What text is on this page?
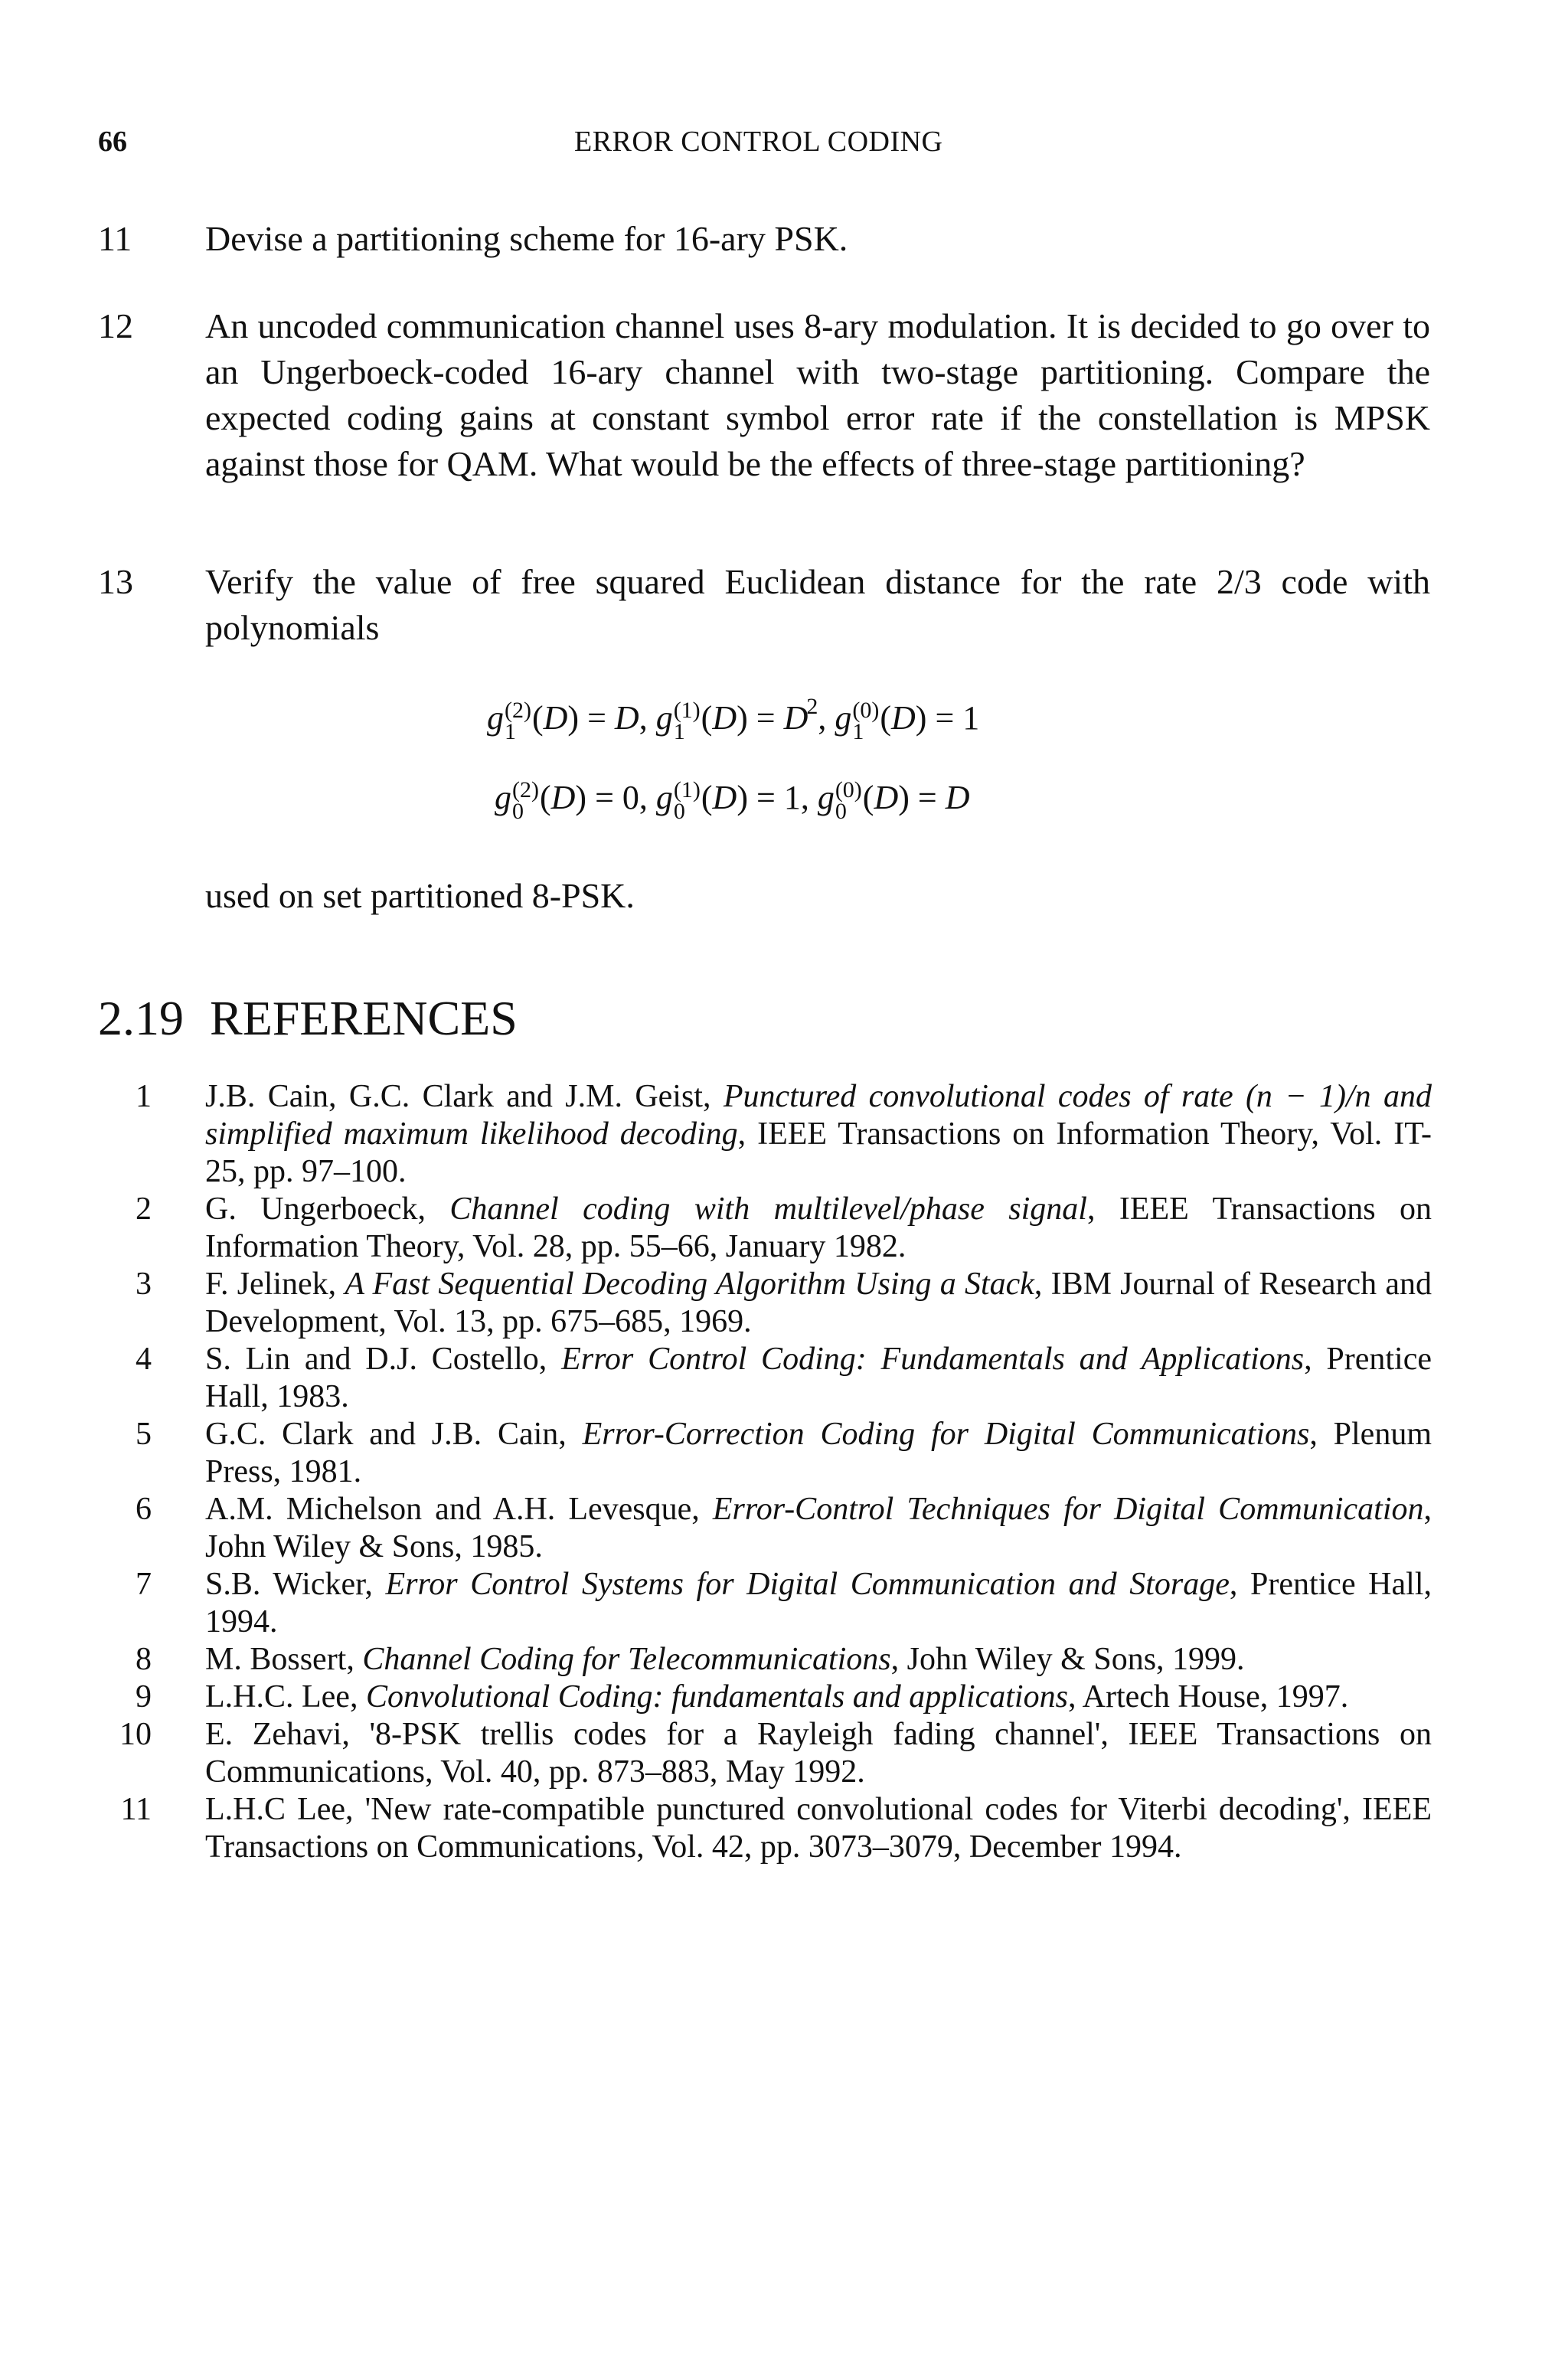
66	ERROR CONTROL CODING
11 Devise a partitioning scheme for 16-ary PSK.
12 An uncoded communication channel uses 8-ary modulation. It is decided to go over to an Ungerboeck-coded 16-ary channel with two-stage partitioning. Compare the expected coding gains at constant symbol error rate if the constellation is MPSK against those for QAM. What would be the effects of three-stage partitioning?
13 Verify the value of free squared Euclidean distance for the rate 2/3 code with polynomials
g (2)
1 (D) = D, g (1)
1 $(D) = D^2$, g (0)
1 (D) = 1
g (2)
0 (D) = 0, g (1)
0 (D) = 1, g (0)
0 (D) = D
used on set partitioned 8-PSK.
2.19 REFERENCES
1 J.B. Cain, G.C. Clark and J.M. Geist, Punctured convolutional codes of rate (n − 1)/n and simplified maximum likelihood decoding, IEEE Transactions on Information Theory, Vol. IT-25, pp. 97–100.
2 G. Ungerboeck, Channel coding with multilevel/phase signal, IEEE Transactions on Information Theory, Vol. 28, pp. 55–66, January 1982.
3 F. Jelinek, A Fast Sequential Decoding Algorithm Using a Stack, IBM Journal of Research and Development, Vol. 13, pp. 675–685, 1969.
4 S. Lin and D.J. Costello, Error Control Coding: Fundamentals and Applications, Prentice Hall, 1983.
5 G.C. Clark and J.B. Cain, Error-Correction Coding for Digital Communications, Plenum Press, 1981.
6 A.M. Michelson and A.H. Levesque, Error-Control Techniques for Digital Communication, John Wiley & Sons, 1985.
7 S.B. Wicker, Error Control Systems for Digital Communication and Storage, Prentice Hall, 1994.
8 M. Bossert, Channel Coding for Telecommunications, John Wiley & Sons, 1999.
9 L.H.C. Lee, Convolutional Coding: fundamentals and applications, Artech House, 1997.
10 E. Zehavi, '8-PSK trellis codes for a Rayleigh fading channel', IEEE Transactions on Communications, Vol. 40, pp. 873–883, May 1992.
11 L.H.C Lee, 'New rate-compatible punctured convolutional codes for Viterbi decoding', IEEE Transactions on Communications, Vol. 42, pp. 3073–3079, December 1994.
